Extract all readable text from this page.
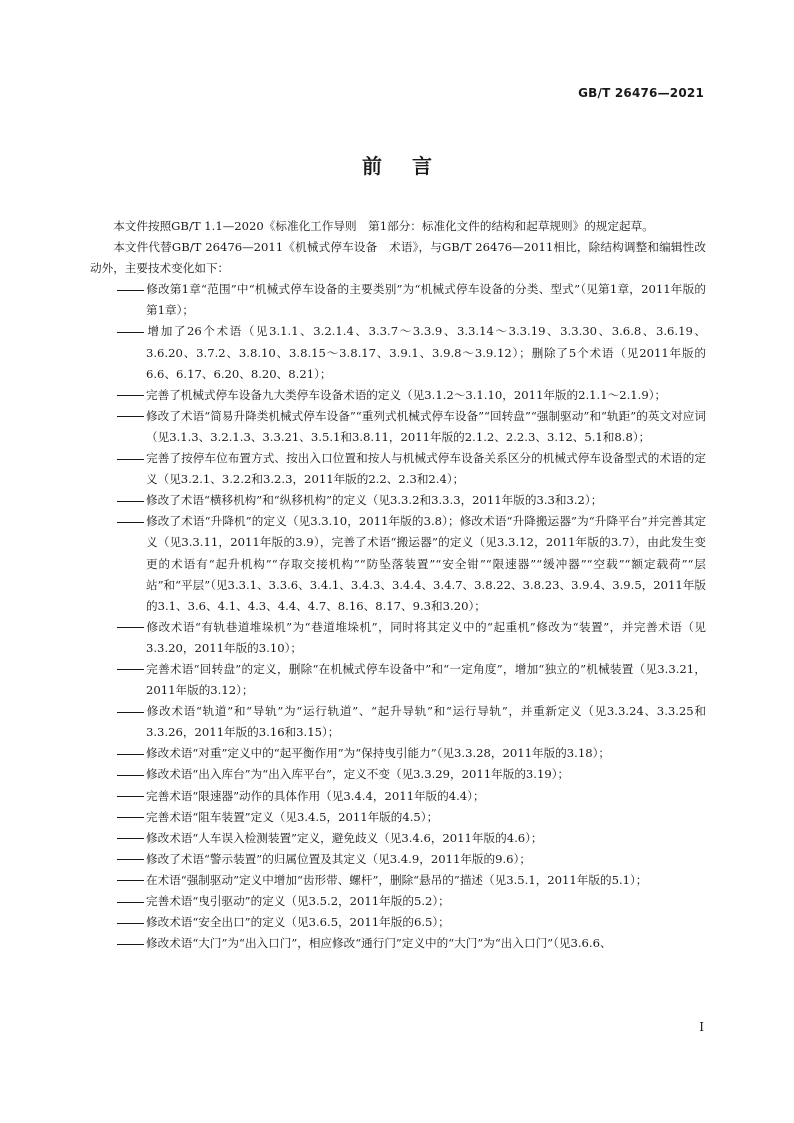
GB/T 26476—2021
前言

本文件按照GB/T 1.1—2020《标准化工作导则　第1部分：标准化文件的结构和起草规则》的规定起草。

本文件代替GB/T 26476—2011《机械式停车设备　术语》，与GB/T 26476—2011相比，除结构调整和编辑性改动外，主要技术变化如下：

修改第1章“范围”中“机械式停车设备的主要类别”为“机械式停车设备的分类、型式”（见第1章，2011年版的第1章）；

增加了26个术语（见3.1.1、3.2.1.4、3.3.7～3.3.9、3.3.14～3.3.19、3.3.30、3.6.8、3.6.19、3.6.20、3.7.2、3.8.10、3.8.15～3.8.17、3.9.1、3.9.8～3.9.12）；删除了5个术语（见2011年版的6.6、6.17、6.20、8.20、8.21）；

完善了机械式停车设备九大类停车设备术语的定义（见3.1.2～3.1.10，2011年版的2.1.1～2.1.9）；

修改了术语“简易升降类机械式停车设备”“重列式机械式停车设备”“回转盘”“强制驱动”和“轨距”的英文对应词（见3.1.3、3.2.1.3、3.3.21、3.5.1和3.8.11，2011年版的2.1.2、2.2.3、3.12、5.1和8.8）；

完善了按停车位布置方式、按出入口位置和按人与机械式停车设备关系区分的机械式停车设备型式的术语的定义（见3.2.1、3.2.2和3.2.3，2011年版的2.2、2.3和2.4）；

修改了术语“横移机构”和“纵移机构”的定义（见3.3.2和3.3.3，2011年版的3.3和3.2）；

修改了术语“升降机”的定义（见3.3.10，2011年版的3.8）；修改术语“升降搬运器”为“升降平台”并完善其定义（见3.3.11，2011年版的3.9），完善了术语“搬运器”的定义（见3.3.12，2011年版的3.7），由此发生变更的术语有“起升机构”“存取交接机构”“防坠落装置”“安全钳”“限速器”“缓冲器”“空载”“额定载荷”“层站”和“平层”（见3.3.1、3.3.6、3.4.1、3.4.3、3.4.4、3.4.7、3.8.22、3.8.23、3.9.4、3.9.5，2011年版的3.1、3.6、4.1、4.3、4.4、4.7、8.16、8.17、9.3和3.20）；

修改术语“有轨巷道堆垛机”为“巷道堆垛机”，同时将其定义中的“起重机”修改为“装置”，并完善术语（见3.3.20，2011年版的3.10）；

完善术语“回转盘”的定义，删除“在机械式停车设备中”和“一定角度”，增加“独立的”机械装置（见3.3.21，2011年版的3.12）；

修改术语“轨道”和“导轨”为“运行轨道”、“起升导轨”和“运行导轨”，并重新定义（见3.3.24、3.3.25和3.3.26，2011年版的3.16和3.15）；

修改术语“对重”定义中的“起平衡作用”为“保持曳引能力”（见3.3.28，2011年版的3.18）；

修改术语“出入库台”为“出入库平台”，定义不变（见3.3.29，2011年版的3.19）；

完善术语“限速器”动作的具体作用（见3.4.4，2011年版的4.4）；

完善术语“阻车装置”定义（见3.4.5，2011年版的4.5）；

修改术语“人车误入检测装置”定义，避免歧义（见3.4.6，2011年版的4.6）；

修改了术语“警示装置”的归属位置及其定义（见3.4.9，2011年版的9.6）；

在术语“强制驱动”定义中增加“齿形带、螺杆”，删除“悬吊的”描述（见3.5.1，2011年版的5.1）；

完善术语“曳引驱动”的定义（见3.5.2，2011年版的5.2）；

修改术语“安全出口”的定义（见3.6.5，2011年版的6.5）；

修改术语“大门”为“出入口门”，相应修改“通行门”定义中的“大门”为“出入口门”（见3.6.6、

I
